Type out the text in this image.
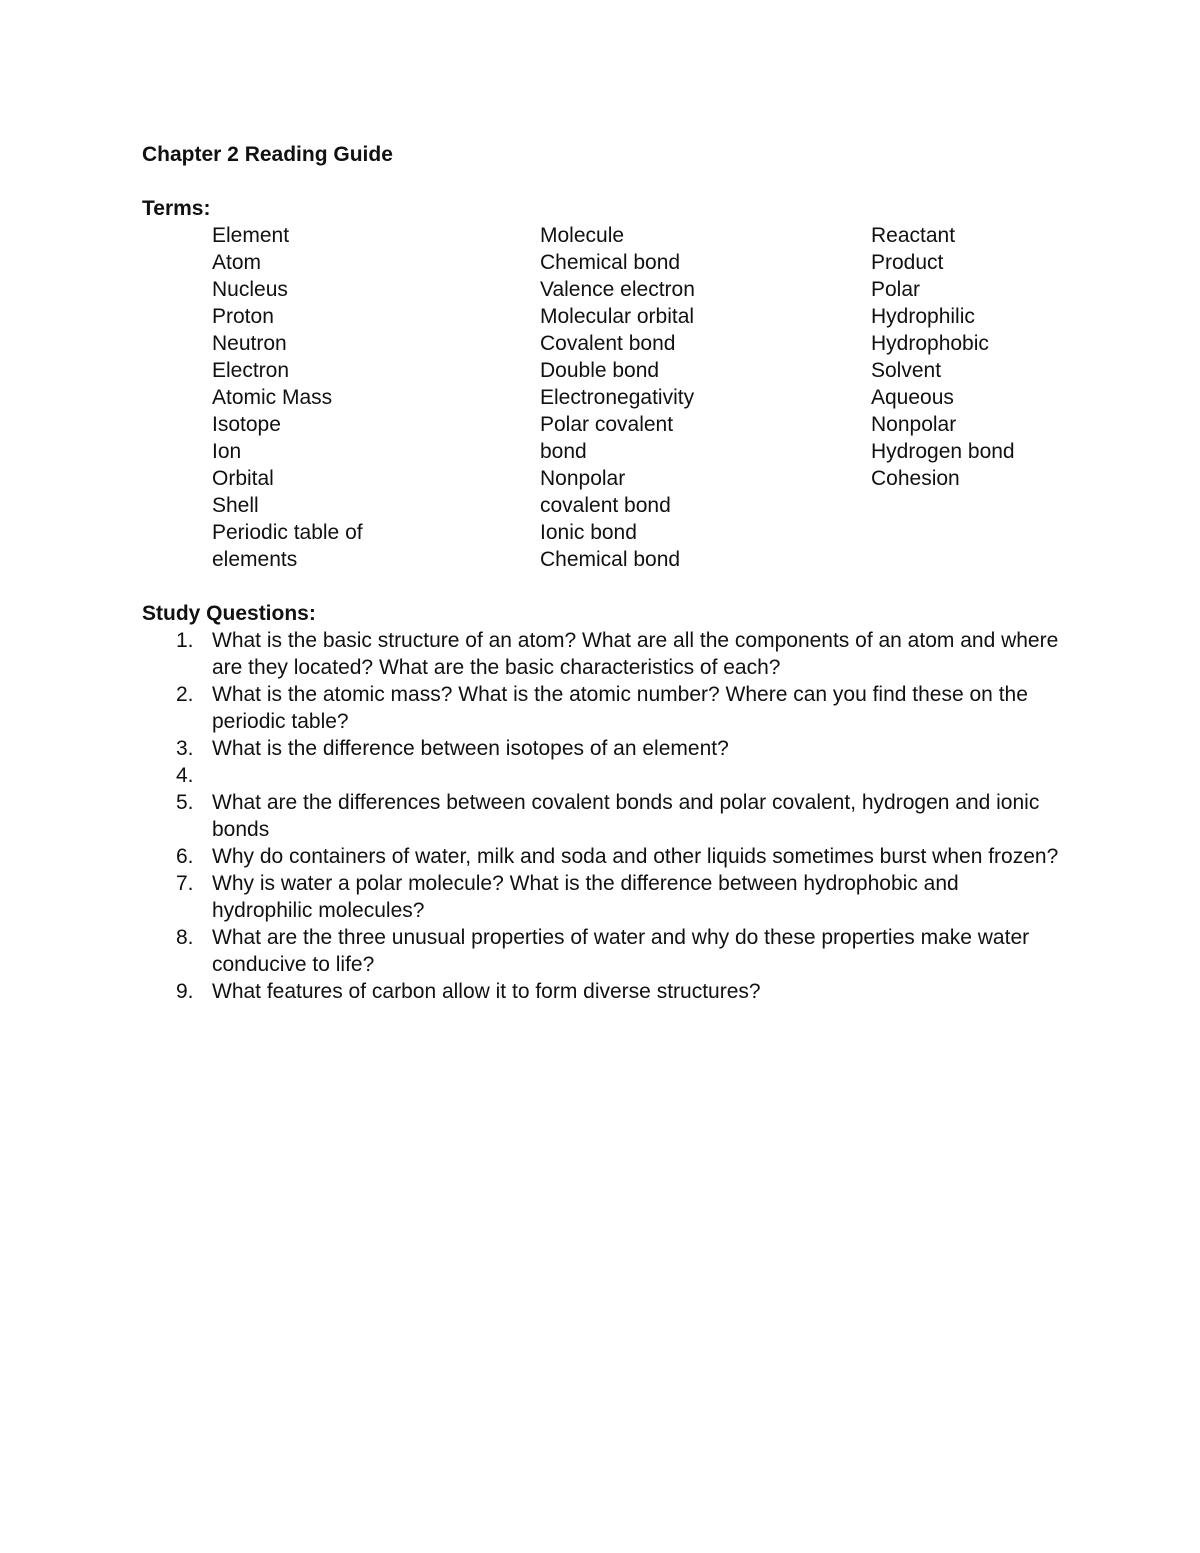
Chapter 2 Reading Guide
Terms:
Element
Atom
Nucleus
Proton
Neutron
Electron
Atomic Mass
Isotope
Ion
Orbital
Shell
Periodic table of
elements
Molecule
Chemical bond
Valence electron
Molecular orbital
Covalent bond
Double bond
Electronegativity
Polar covalent
bond
Nonpolar
covalent bond
Ionic bond
Chemical bond
Reactant
Product
Polar
Hydrophilic
Hydrophobic
Solvent
Aqueous
Nonpolar
Hydrogen bond
Cohesion
Study Questions:
1. What is the basic structure of an atom? What are all the components of an atom and where are they located? What are the basic characteristics of each?
2. What is the atomic mass? What is the atomic number? Where can you find these on the periodic table?
3. What is the difference between isotopes of an element?
4.

5. What are the differences between covalent bonds and polar covalent, hydrogen and ionic bonds
6. Why do containers of water, milk and soda and other liquids sometimes burst when frozen?
7. Why is water a polar molecule? What is the difference between hydrophobic and hydrophilic molecules?
8. What are the three unusual properties of water and why do these properties make water conducive to life?
9. What features of carbon allow it to form diverse structures?
